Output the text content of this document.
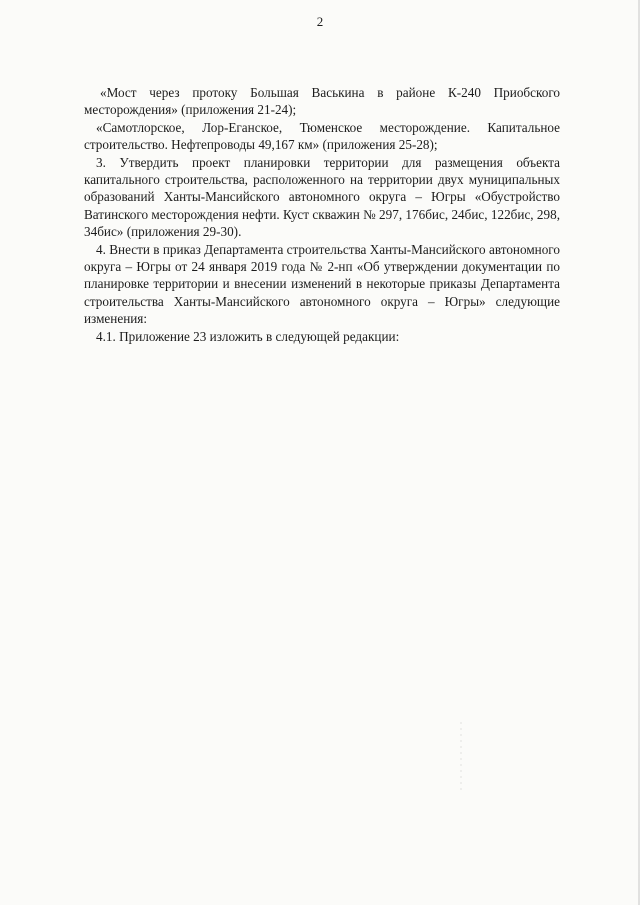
2

«Мост через протоку Большая Васькина в районе К-240 Приобского месторождения» (приложения 21-24);

«Самотлорское, Лор-Еганское, Тюменское месторождение. Капитальное строительство. Нефтепроводы 49,167 км» (приложения 25-28);

3. Утвердить проект планировки территории для размещения объекта капитального строительства, расположенного на территории двух муниципальных образований Ханты-Мансийского автономного округа – Югры «Обустройство Ватинского месторождения нефти. Куст скважин № 297, 176бис, 24бис, 122бис, 298, 34бис» (приложения 29-30).

4. Внести в приказ Департамента строительства Ханты-Мансийского автономного округа – Югры от 24 января 2019 года № 2-нп «Об утверждении документации по планировке территории и внесении изменений в некоторые приказы Департамента строительства Ханты-Мансийского автономного округа – Югры» следующие изменения:

4.1. Приложение 23 изложить в следующей редакции:
